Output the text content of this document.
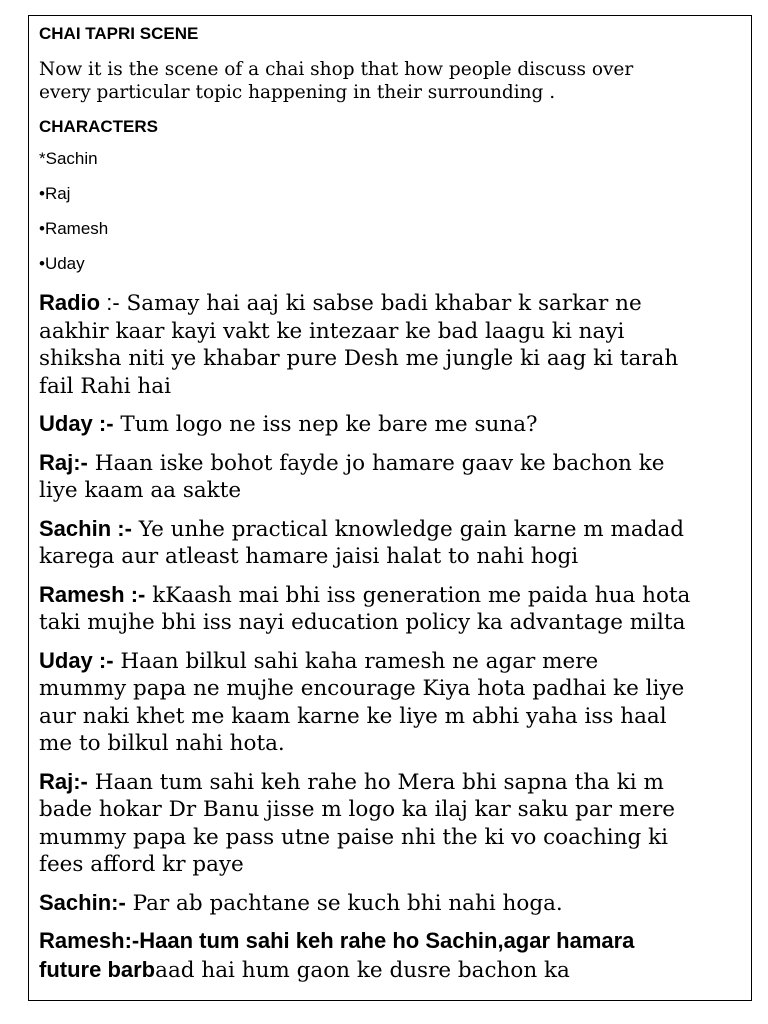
CHAI TAPRI SCENE

Now it is the scene of a chai shop that how people discuss over
every particular topic happening in their surrounding .

CHARACTERS

*Sachin
•Raj
•Ramesh
•Uday

Radio :- Samay hai aaj ki sabse badi khabar k sarkar ne
aakhir kaar kayi vakt ke intezaar ke bad laagu ki nayi
shiksha niti ye khabar pure Desh me jungle ki aag ki tarah
fail Rahi hai

Uday :- Tum logo ne iss nep ke bare me suna?

Raj:- Haan iske bohot fayde jo hamare gaav ke bachon ke
liye kaam aa sakte

Sachin :- Ye unhe practical knowledge gain karne m madad
karega aur atleast hamare jaisi halat to nahi hogi

Ramesh :- kKaash mai bhi iss generation me paida hua hota
taki mujhe bhi iss nayi education policy ka advantage milta

Uday :- Haan bilkul sahi kaha ramesh ne agar mere
mummy papa ne mujhe encourage Kiya hota padhai ke liye
aur naki khet me kaam karne ke liye m abhi yaha iss haal
me to bilkul nahi hota.

Raj:- Haan tum sahi keh rahe ho Mera bhi sapna tha ki m
bade hokar Dr Banu jisse m logo ka ilaj kar saku par mere
mummy papa ke pass utne paise nhi the ki vo coaching ki
fees afford kr paye

Sachin:- Par ab pachtane se kuch bhi nahi hoga.

Ramesh:-Haan tum sahi keh rahe ho Sachin,agar hamara
future barbaad hai hum gaon ke dusre bachon ka
